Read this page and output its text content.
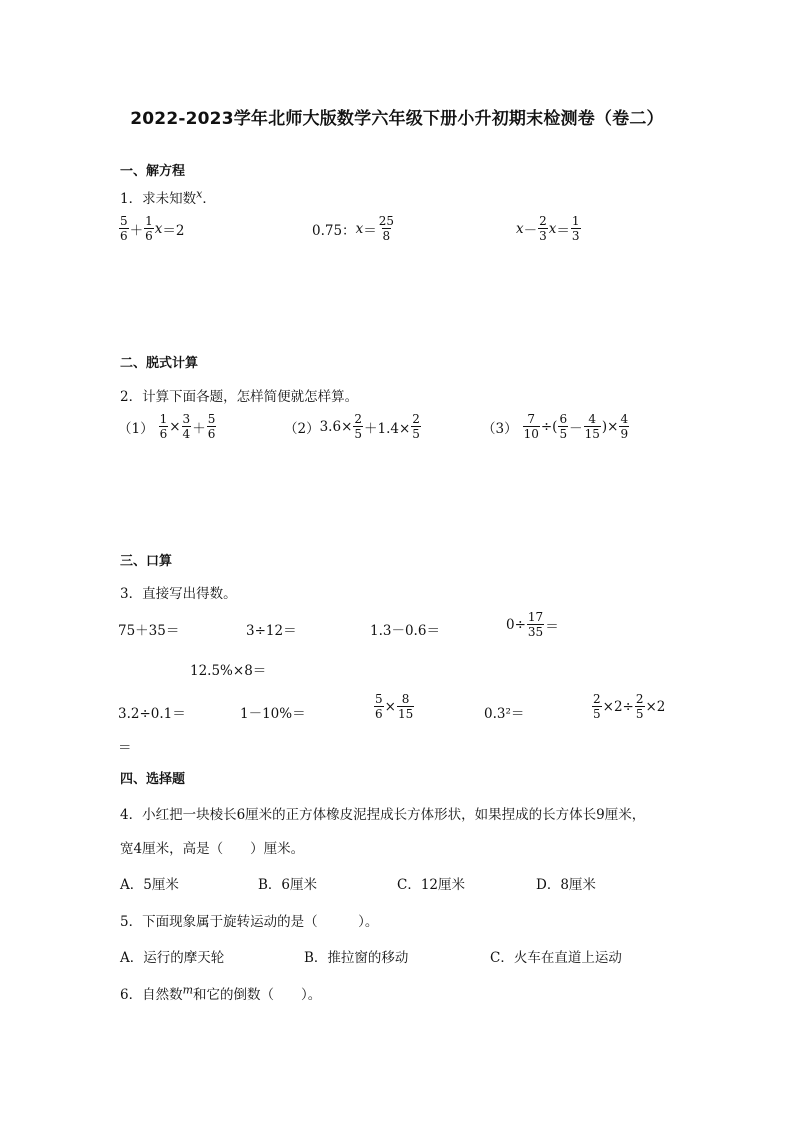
2022-2023学年北师大版数学六年级下册小升初期末检测卷（卷二）
一、解方程
1．求未知数$^x$．
$\frac{5}{6} + \frac{1}{6}$ x ＝2	0.75： $x = \frac{25}{8}$	$x - \frac{2}{3}$ $x = \frac{1}{3}$
二、脱式计算
2．计算下面各题，怎样简便就怎样算。
$(1) \frac{1}{6} \times \frac{3}{4} + \frac{5}{6}$	（2） $3.6\times \frac{2}{5} +1.4\times \frac{2}{5}$	$(3) \frac{7}{10}$ ÷( $\frac{6}{5} - \frac{4}{15}$ )× $\frac{4}{9}$
三、口算
3．直接写出得数。
75＋35＝	3÷12＝	1.3－0.6＝	$0\div \frac{17}{35}$ ＝
12.5%×8＝
3.2÷0.1＝	1－10%＝	$\frac{5}{6} \times \frac{8}{15}$	0.3²＝	$\frac{2}{5} \times 2\div \frac{2}{5} \times 2$
＝
四、选择题
4．小红把一块棱长6厘米的正方体橡皮泥捏成长方体形状，如果捏成的长方体长9厘米，
宽4厘米，高是（　　）厘米。
A．5厘米	B．6厘米	C．12厘米	D．8厘米
5．下面现象属于旋转运动的是（　　　）。
A．运行的摩天轮	B．推拉窗的移动	C．火车在直道上运动
6．自然数$^m$和它的倒数（　　）。
